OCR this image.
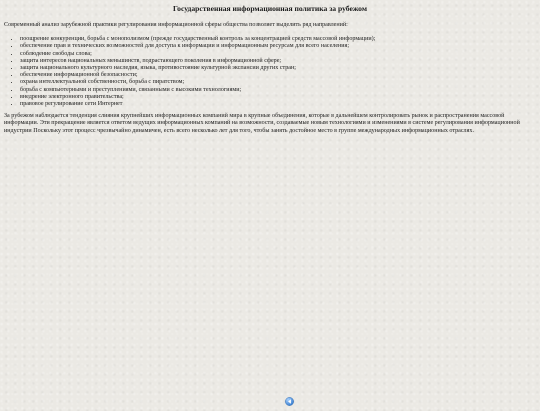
Государственная информационная политика за рубежом

Современный анализ зарубежной практики регулирования информационной сферы общества позволяет выделить ряд направлений:

• поощрение конкуренции, борьба с монополизмом (прежде государственный контроль за концентрацией средств массовой информации);
• обеспечение прав и технических возможностей для доступа к информации и информационным ресурсам для всего населения;
• соблюдение свободы слова;
• защита интересов национальных меньшинств, подрастающего поколения в информационной сфере;
• защита национального культурного наследия, языка, противостояние культурной экспансии других стран;
• обеспечение информационной безопасности;
• охрана интеллектуальной собственности, борьба с пиратством;
• борьба с компьютерными и преступлениями, связанными с высокими технологиями;
• внедрение электронного правительства;
• правовое регулирование сети Интернет

За рубежом наблюдается тенденция слияния крупнейших информационных компаний мира в крупные объединения, которые в дальнейшем контролировать рынок и распространения массовой информации. Эти прекращение является ответом ведущих информационных компаний на возможности, создаваемые новым технологиями и изменениями в системе регулирования информационной индустрии Поскольку этот процесс чрезвычайно динамичен, есть всего несколько лет для того, чтобы занять достойное место в группе международных информационных отраслях.
